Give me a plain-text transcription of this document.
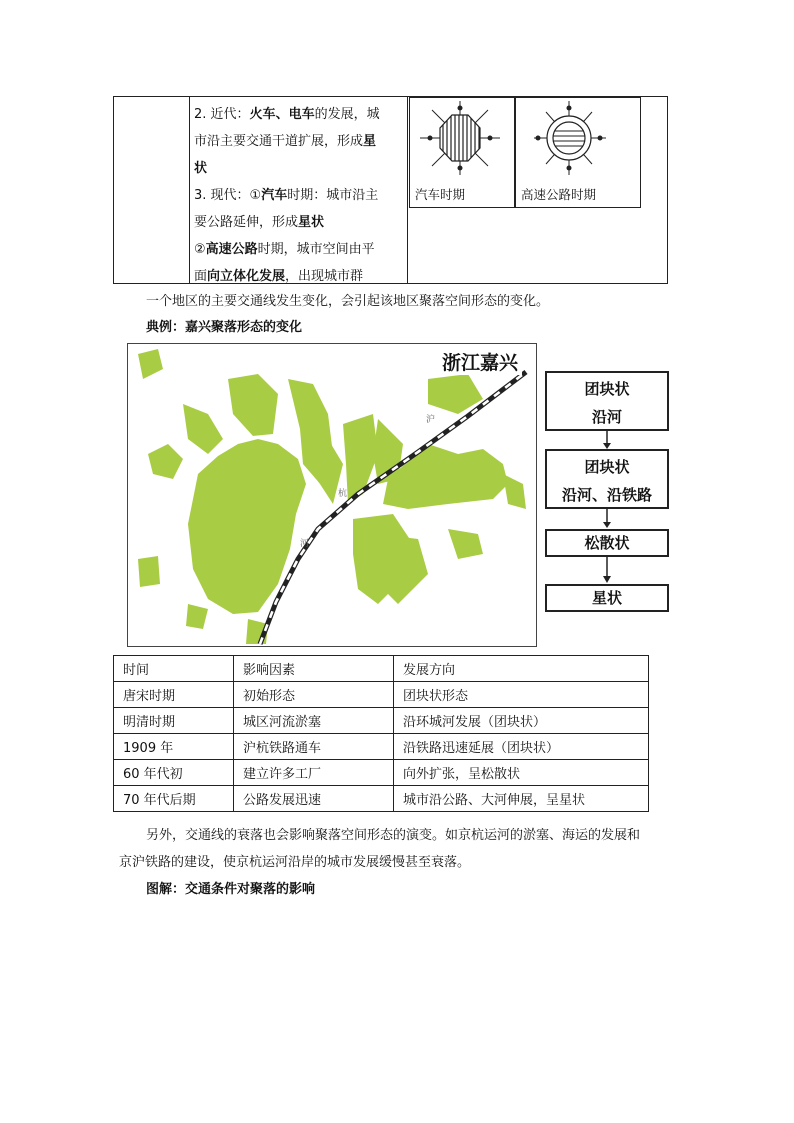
2. 近代：火车、电车的发展，城
市沿主要交通干道扩展，形成星
状
3. 现代：①汽车时期：城市沿主
要公路延伸，形成星状
②高速公路时期，城市空间由平
面向立体化发展，出现城市群
汽车时期	高速公路时期
一个地区的主要交通线发生变化，会引起该地区聚落空间形态的变化。
典例：嘉兴聚落形态的变化
沪
杭
河
浙江嘉兴
团块状
沿河
团块状
沿河、沿铁路
松散状
星状
时间	影响因素	发展方向
唐宋时期	初始形态	团块状形态
明清时期	城区河流淤塞	沿环城河发展（团块状）
1909 年	沪杭铁路通车	沿铁路迅速延展（团块状）
60 年代初	建立许多工厂	向外扩张，呈松散状
70 年代后期	公路发展迅速	城市沿公路、大河伸展，呈星状
另外，交通线的衰落也会影响聚落空间形态的演变。如京杭运河的淤塞、海运的发展和
京沪铁路的建设，使京杭运河沿岸的城市发展缓慢甚至衰落。
图解：交通条件对聚落的影响
